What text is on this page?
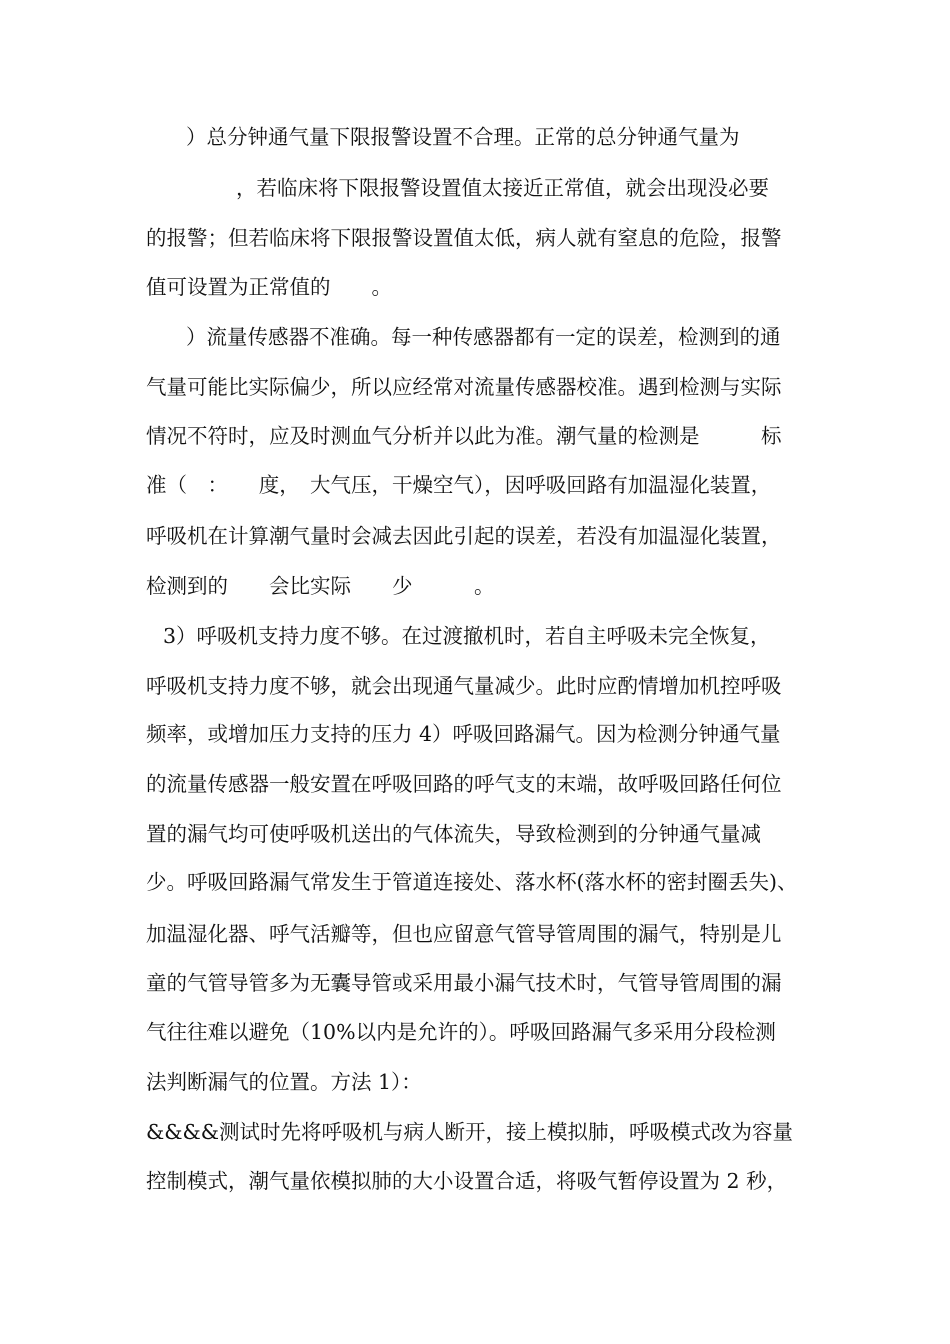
）总分钟通气量下限报警设置不合理。正常的总分钟通气量为
，若临床将下限报警设置值太接近正常值，就会出现没必要
的报警；但若临床将下限报警设置值太低，病人就有窒息的危险，报警
值可设置为正常值的　　。
）流量传感器不准确。每一种传感器都有一定的误差，检测到的通
气量可能比实际偏少，所以应经常对流量传感器校准。遇到检测与实际
情况不符时，应及时测血气分析并以此为准。潮气量的检测是　　　标
准（　：　　度，　大气压，干燥空气），因呼吸回路有加温湿化装置，
呼吸机在计算潮气量时会减去因此引起的误差，若没有加温湿化装置，
检测到的　　会比实际　　少　　　。
3）呼吸机支持力度不够。在过渡撤机时，若自主呼吸未完全恢复，
呼吸机支持力度不够，就会出现通气量减少。此时应酌情增加机控呼吸
频率，或增加压力支持的压力 4）呼吸回路漏气。因为检测分钟通气量
的流量传感器一般安置在呼吸回路的呼气支的末端，故呼吸回路任何位
置的漏气均可使呼吸机送出的气体流失，导致检测到的分钟通气量减
少。呼吸回路漏气常发生于管道连接处、落水杯(落水杯的密封圈丢失)、
加温湿化器、呼气活瓣等，但也应留意气管导管周围的漏气，特别是儿
童的气管导管多为无囊导管或采用最小漏气技术时，气管导管周围的漏
气往往难以避免（10%以内是允许的）。呼吸回路漏气多采用分段检测
法判断漏气的位置。方法 1）：
&&&&测试时先将呼吸机与病人断开，接上模拟肺，呼吸模式改为容量
控制模式，潮气量依模拟肺的大小设置合适，将吸气暂停设置为 2 秒，
